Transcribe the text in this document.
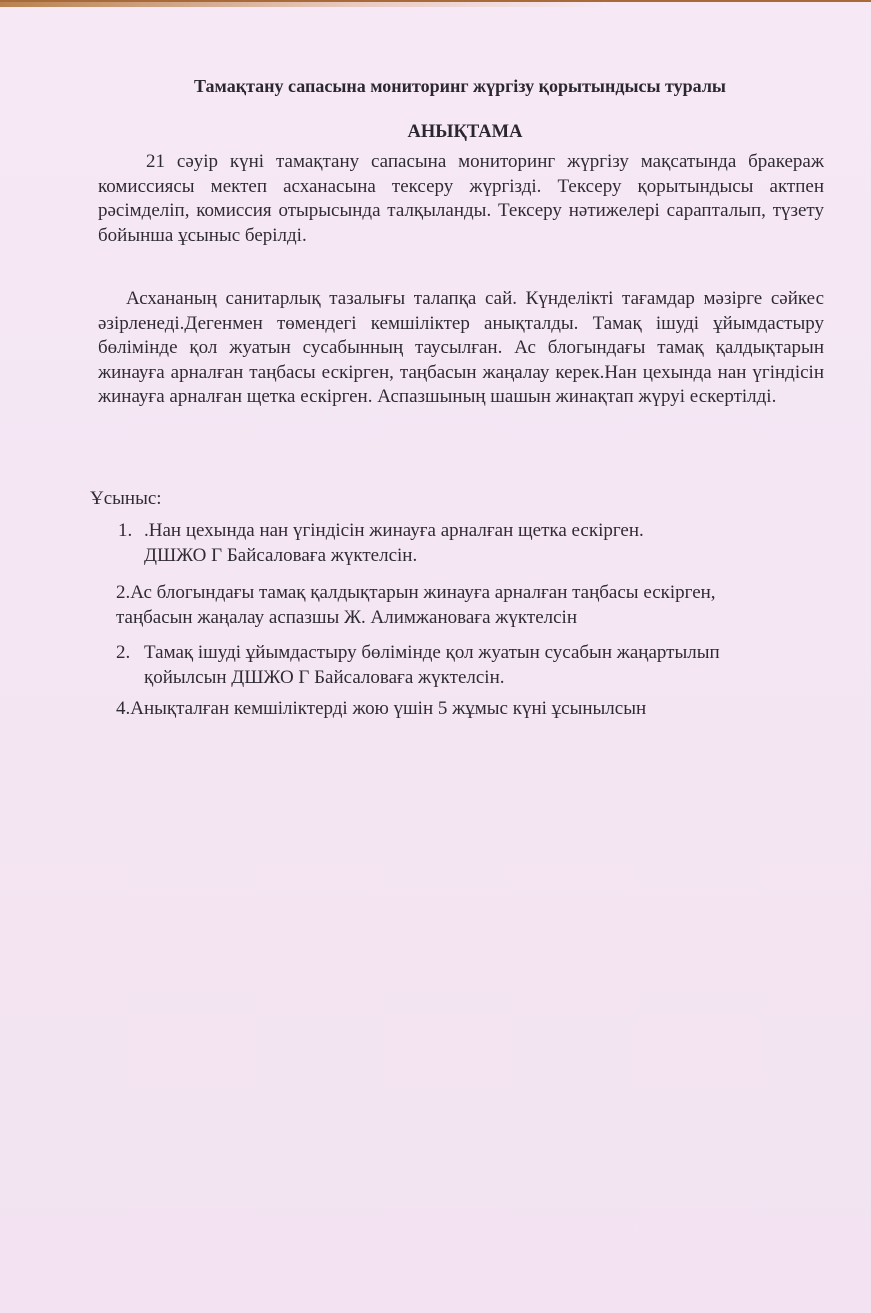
Тамақтану сапасына мониторинг жүргізу қорытындысы туралы
АНЫҚТАМА
21 сәуір күні тамақтану сапасына мониторинг жүргізу мақсатында бракераж комиссиясы мектеп асханасына тексеру жүргізді. Тексеру қорытындысы актпен рәсімделіп, комиссия отырысында талқыланды. Тексеру нәтижелері сарапталып, түзету бойынша ұсыныс берілді.
Асхананың санитарлық тазалығы талапқа сай. Күнделікті тағамдар мәзірге сәйкес әзірленеді.Дегенмен төмендегі кемшіліктер анықталды. Тамақ ішуді ұйымдастыру бөлімінде қол жуатын сусабынның таусылған. Ас блогындағы тамақ қалдықтарын жинауға арналған таңбасы ескірген, таңбасын жаңалау керек.Нан цехында нан үгіндісін жинауға арналған щетка ескірген. Аспазшының шашын жинақтап жүруі ескертілді.
Ұсыныс:
1. .Нан цехында нан үгіндісін жинауға арналған щетка ескірген.
ДШЖО Г Байсаловаға жүктелсін.
2.Ас блогындағы тамақ қалдықтарын жинауға арналған таңбасы ескірген,
таңбасын жаңалау аспазшы Ж. Алимжановаға жүктелсін
2. Тамақ ішуді ұйымдастыру бөлімінде қол жуатын сусабын жаңартылып
қойылсын ДШЖО Г Байсаловаға жүктелсін.
4.Анықталған кемшіліктерді жою үшін 5 жұмыс күні ұсынылсын
